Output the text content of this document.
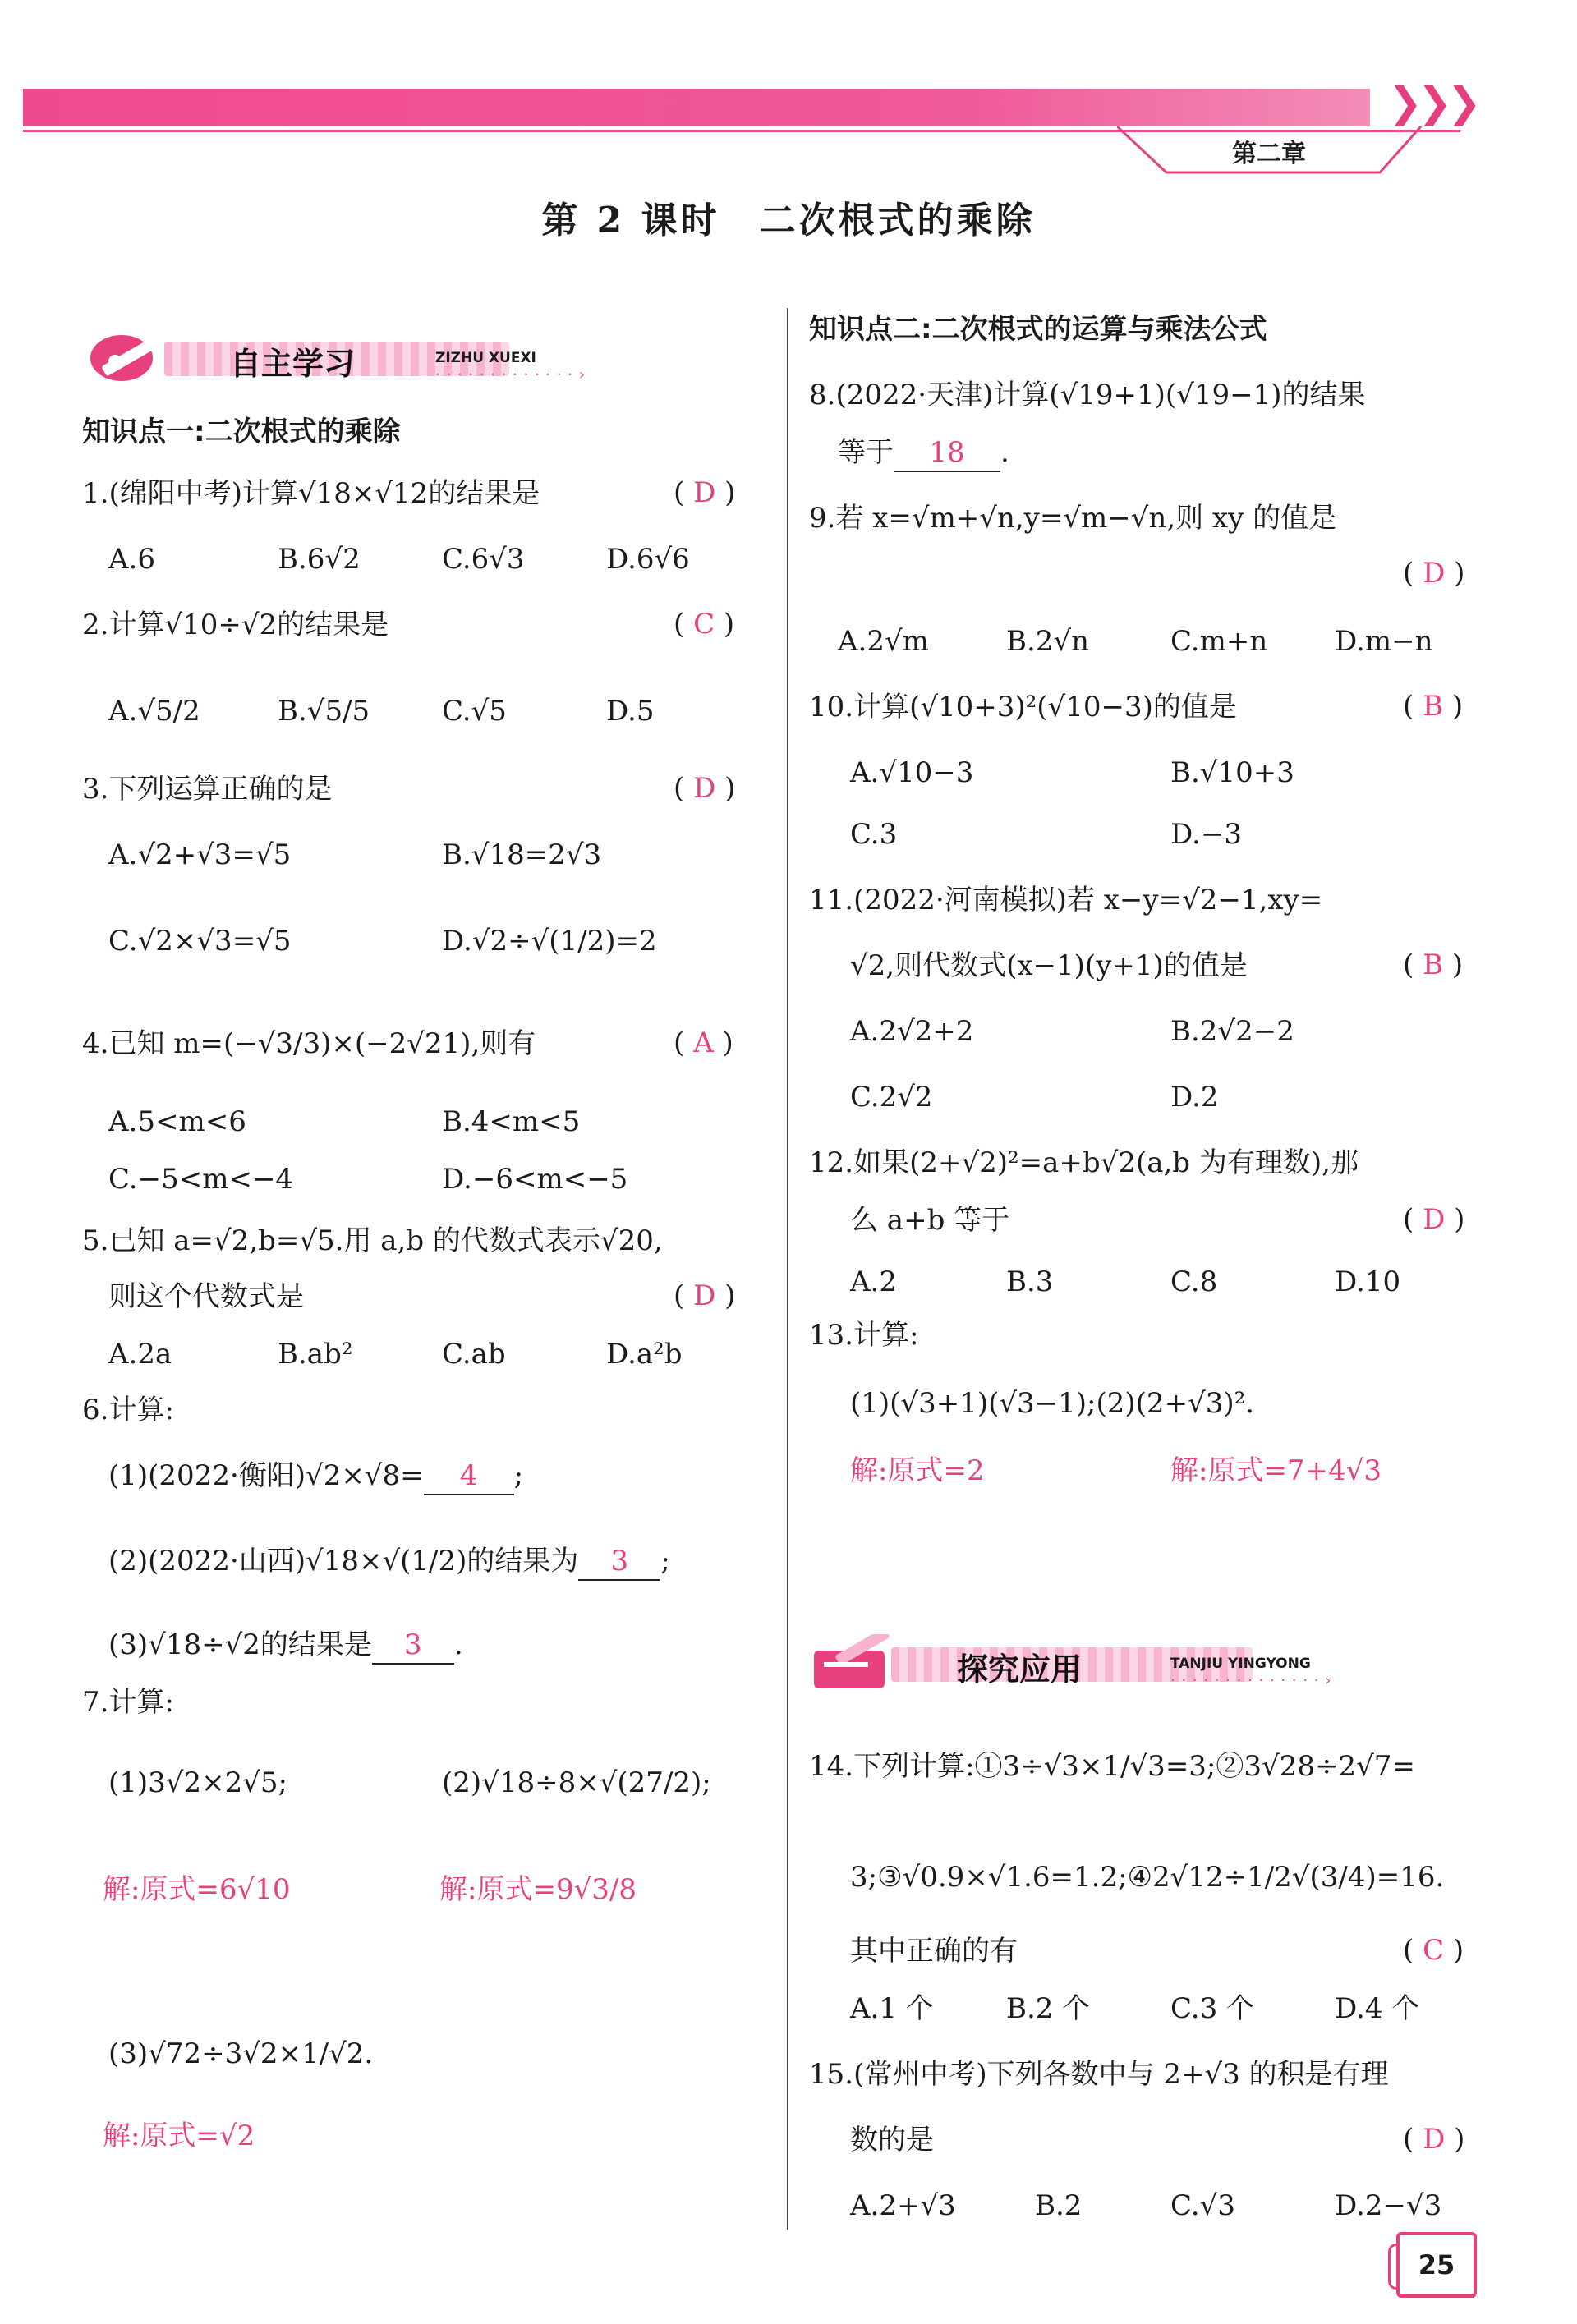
❯❯❯
第二章
第 2 课时　二次根式的乘除
自主学习	ZIZHU XUEXI
· · · · · · · · · · · · · ›
知识点一:二次根式的乘除
1.(绵阳中考)计算√18×√12的结果是	( D )
A.6	B.6√2	C.6√3	D.6√6
2.计算√10÷√2的结果是	( C )
A.√5/2	B.√5/5	C.√5	D.5
3.下列运算正确的是	( D )
A.√2+√3=√5	B.√18=2√3
C.√2×√3=√5	D.√2÷√(1/2)=2
4.已知 m=(−√3/3)×(−2√21),则有	( A )
A.5<m<6	B.4<m<5
C.−5<m<−4	D.−6<m<−5
5.已知 a=√2,b=√5.用 a,b 的代数式表示√20,
则这个代数式是	( D )
A.2a	B.ab²	C.ab	D.a²b
6.计算:
(1)(2022·衡阳)√2×√8= 4 ;
(2)(2022·山西)√18×√(1/2)的结果为 3 ;
(3)√18÷√2的结果是 3 .
7.计算:
(1)3√2×2√5;	(2)√18÷8×√(27/2);
解:原式=6√10	解:原式=9√3/8
(3)√72÷3√2×1/√2.
解:原式=√2
知识点二:二次根式的运算与乘法公式
8.(2022·天津)计算(√19+1)(√19−1)的结果
等于 18 .
9.若 x=√m+√n,y=√m−√n,则 xy 的值是
( D )
A.2√m	B.2√n	C.m+n D.m−n
10.计算(√10+3)²(√10−3)的值是	( B )
A.√10−3	B.√10+3
C.3	D.−3
11.(2022·河南模拟)若 x−y=√2−1,xy=
√2,则代数式(x−1)(y+1)的值是	( B )
A.2√2+2	B.2√2−2
C.2√2	D.2
12.如果(2+√2)²=a+b√2(a,b 为有理数),那
么 a+b 等于	( D )
A.2	B.3	C.8	D.10
13.计算:
(1)(√3+1)(√3−1);(2)(2+√3)².
解:原式=2	解:原式=7+4√3
探究应用	TANJIU YINGYONG
· · · · · · · · · · · · · · ›
14.下列计算:①3÷√3×1/√3=3;②3√28÷2√7=
3;③√0.9×√1.6=1.2;④2√12÷1/2√(3/4)=16.
其中正确的有	( C )
A.1 个	B.2 个	C.3 个	D.4 个
15.(常州中考)下列各数中与 2+√3 的积是有理
数的是	( D )
A.2+√3	B.2	C.√3	D.2−√3
25
